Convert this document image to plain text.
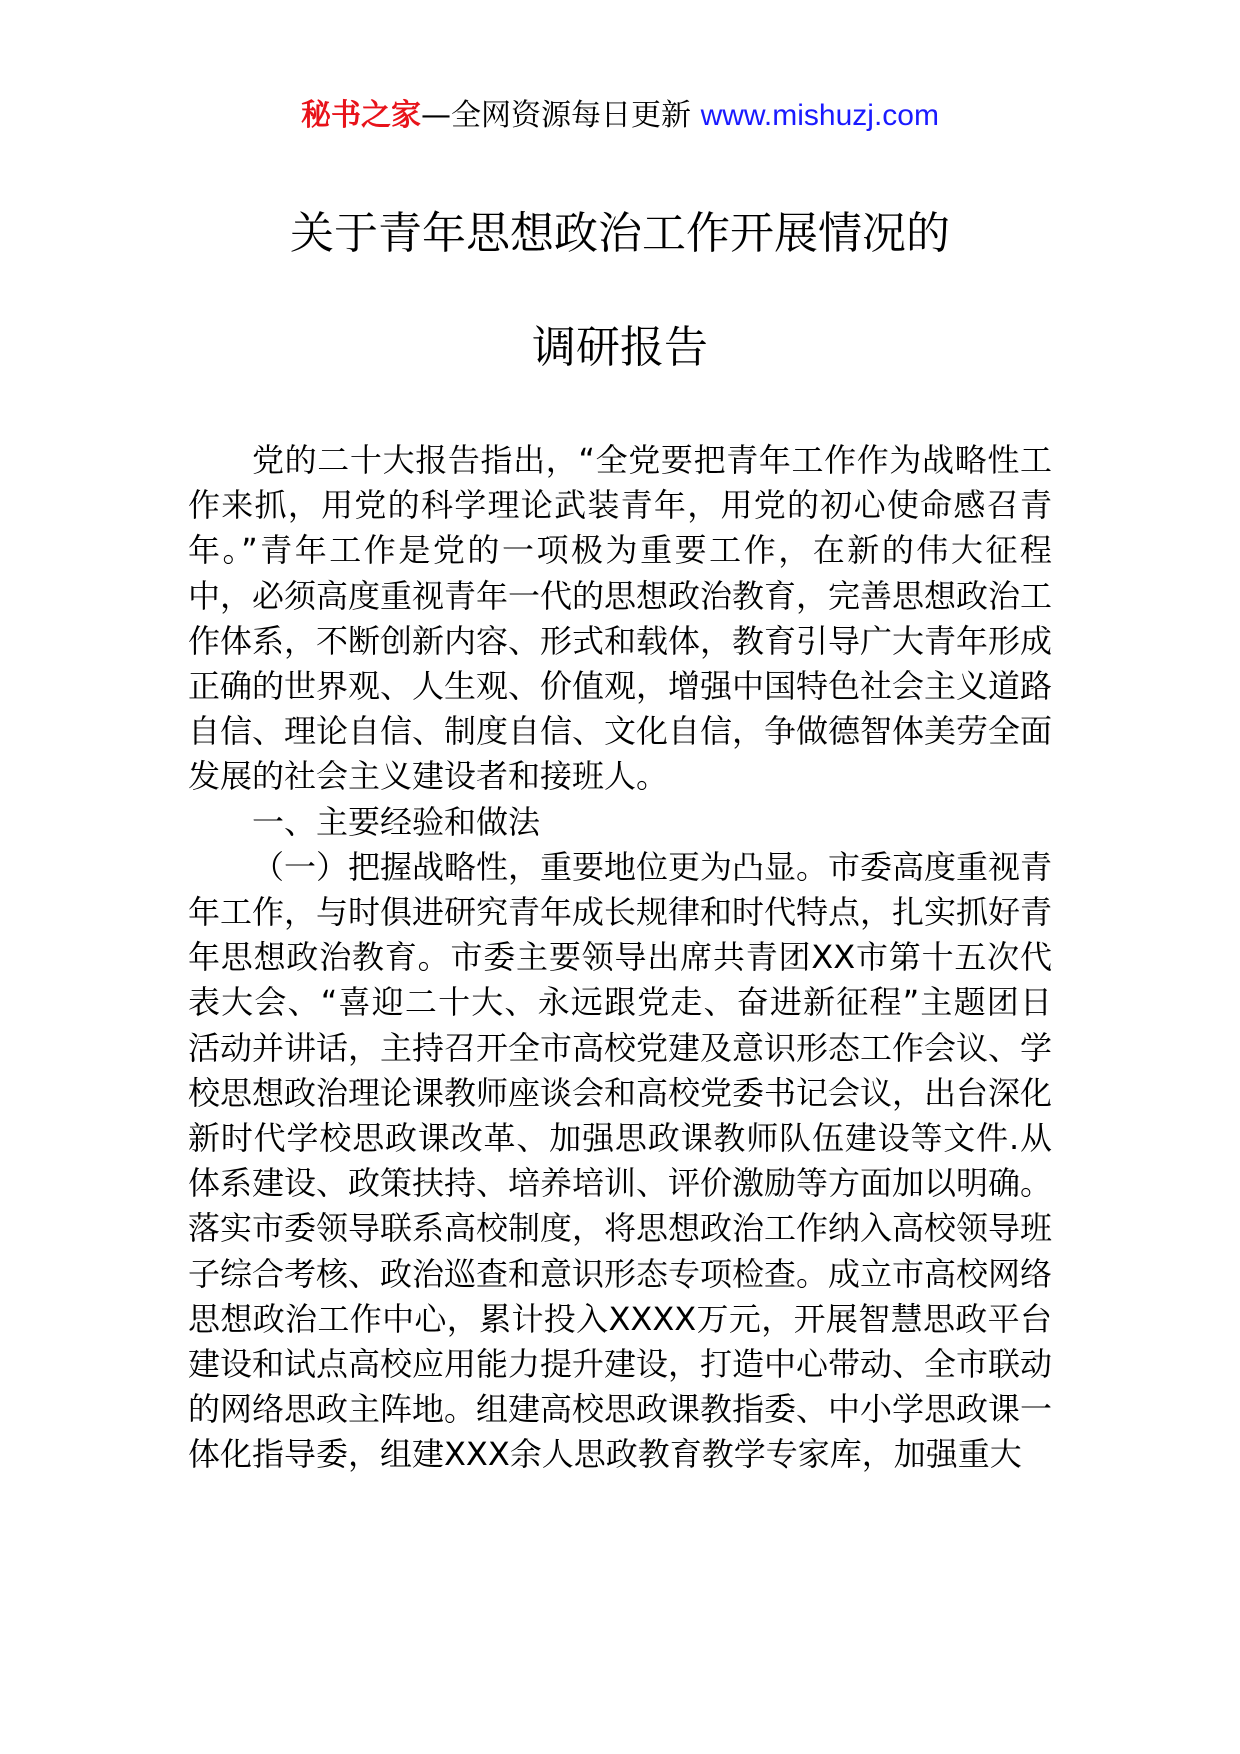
秘书之家—全网资源每日更新 www.mishuzj.com
关于青年思想政治工作开展情况的
调研报告

党的二十大报告指出，“全党要把青年工作作为战略性工作来抓，用党的科学理论武装青年，用党的初心使命感召青年。”青年工作是党的一项极为重要工作，在新的伟大征程中，必须高度重视青年一代的思想政治教育，完善思想政治工作体系，不断创新内容、形式和载体，教育引导广大青年形成正确的世界观、人生观、价值观，增强中国特色社会主义道路自信、理论自信、制度自信、文化自信，争做德智体美劳全面发展的社会主义建设者和接班人。

一、主要经验和做法

（一）把握战略性，重要地位更为凸显。市委高度重视青年工作，与时俱进研究青年成长规律和时代特点，扎实抓好青年思想政治教育。市委主要领导出席共青团XX市第十五次代表大会、“喜迎二十大、永远跟党走、奋进新征程”主题团日活动并讲话，主持召开全市高校党建及意识形态工作会议、学校思想政治理论课教师座谈会和高校党委书记会议，出台深化新时代学校思政课改革、加强思政课教师队伍建设等文件.从体系建设、政策扶持、培养培训、评价激励等方面加以明确。落实市委领导联系高校制度，将思想政治工作纳入高校领导班子综合考核、政治巡查和意识形态专项检查。成立市高校网络思想政治工作中心，累计投入XXXX万元，开展智慧思政平台建设和试点高校应用能力提升建设，打造中心带动、全市联动的网络思政主阵地。组建高校思政课教指委、中小学思政课一体化指导委，组建XXX余人思政教育教学专家库，加强重大
